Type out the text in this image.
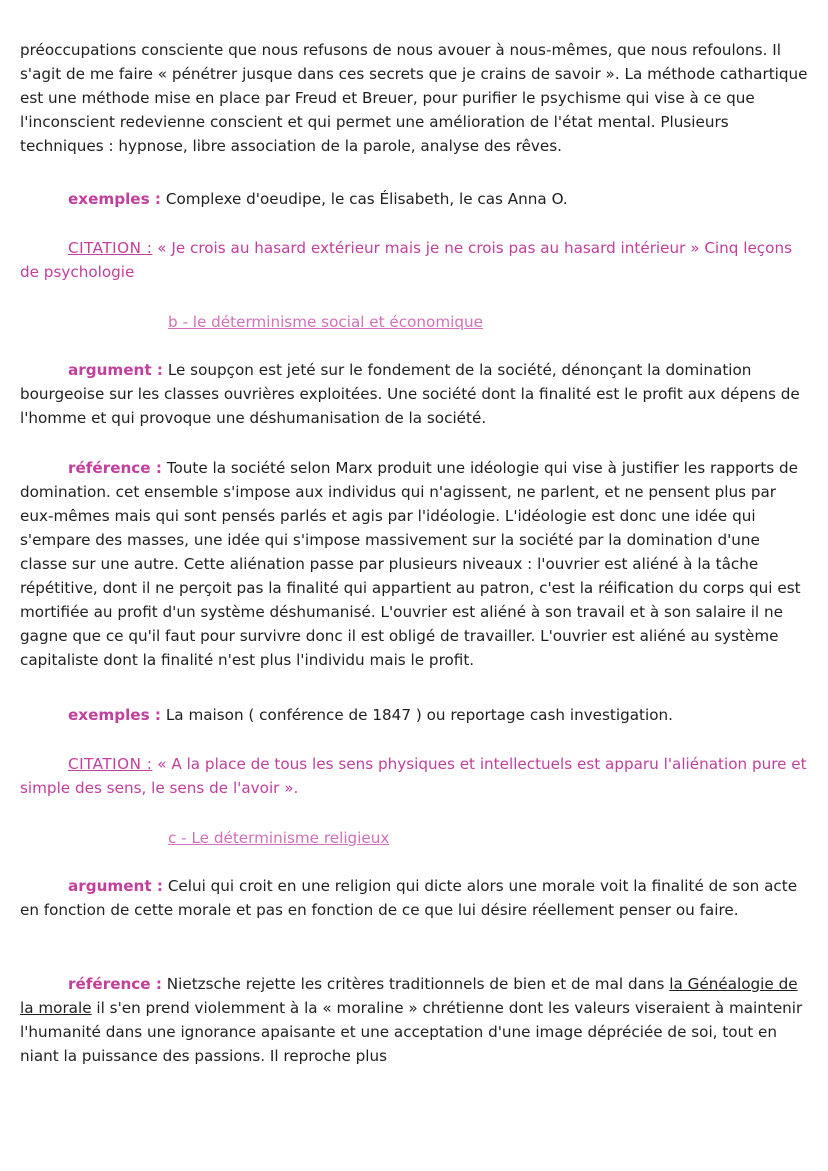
préoccupations consciente que nous refusons de nous avouer à nous-mêmes, que nous refoulons. Il s'agit de me faire « pénétrer jusque dans ces secrets que je crains de savoir ». La méthode cathartique est une méthode mise en place par Freud et Breuer, pour purifier le psychisme qui vise à ce que l'inconscient redevienne conscient et qui permet une amélioration de l'état mental. Plusieurs techniques : hypnose, libre association de la parole, analyse des rêves.

exemples : Complexe d'oeudipe, le cas Élisabeth, le cas Anna O.

CITATION : « Je crois au hasard extérieur mais je ne crois pas au hasard intérieur » Cinq leçons de psychologie

b - le déterminisme social et économique

argument : Le soupçon est jeté sur le fondement de la société, dénonçant la domination bourgeoise sur les classes ouvrières exploitées. Une société dont la finalité est le profit aux dépens de l'homme et qui provoque une déshumanisation de la société.

référence : Toute la société selon Marx produit une idéologie qui vise à justifier les rapports de domination. cet ensemble s'impose aux individus qui n'agissent, ne parlent, et ne pensent plus par eux-mêmes mais qui sont pensés parlés et agis par l'idéologie. L'idéologie est donc une idée qui s'empare des masses, une idée qui s'impose massivement sur la société par la domination d'une classe sur une autre. Cette aliénation passe par plusieurs niveaux : l'ouvrier est aliéné à la tâche répétitive, dont il ne perçoit pas la finalité qui appartient au patron, c'est la réification du corps qui est mortifiée au profit d'un système déshumanisé. L'ouvrier est aliéné à son travail et à son salaire il ne gagne que ce qu'il faut pour survivre donc il est obligé de travailler. L'ouvrier est aliéné au système capitaliste dont la finalité n'est plus l'individu mais le profit.

exemples : La maison ( conférence de 1847 ) ou reportage cash investigation.

CITATION : « A la place de tous les sens physiques et intellectuels est apparu l'aliénation pure et simple des sens, le sens de l'avoir ».

c - Le déterminisme religieux

argument : Celui qui croit en une religion qui dicte alors une morale voit la finalité de son acte en fonction de cette morale et pas en fonction de ce que lui désire réellement penser ou faire.

référence : Nietzsche rejette les critères traditionnels de bien et de mal dans la Généalogie de la morale il s'en prend violemment à la « moraline » chrétienne dont les valeurs viseraient à maintenir l'humanité dans une ignorance apaisante et une acceptation d'une image dépréciée de soi, tout en niant la puissance des passions. Il reproche plus
